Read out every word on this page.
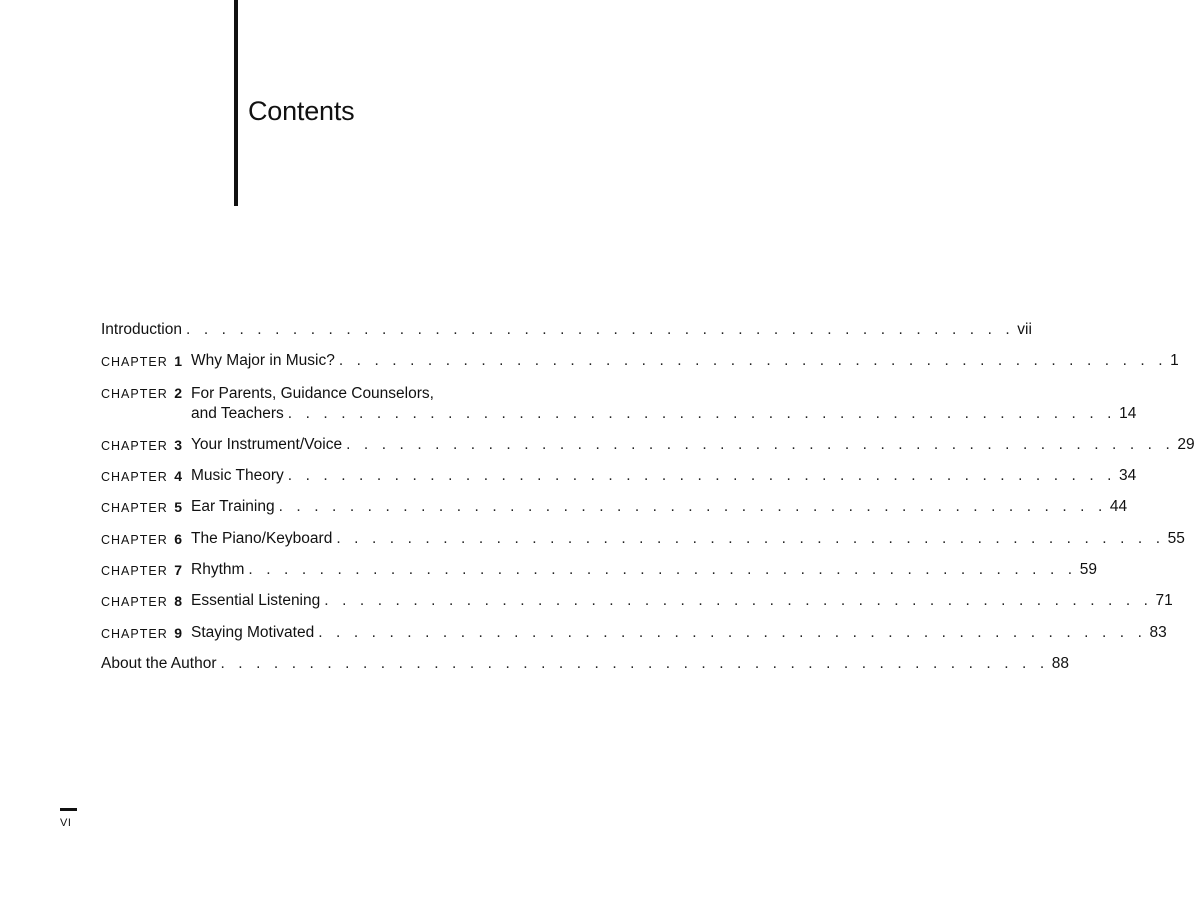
Contents
Introduction . . . . . . . . . . . . . . . . . . . . . . . . . . . . . . . . . . . . . . . . . . . . . . . vii
CHAPTER 1 Why Major in Music? . . . . . . . . . . . . . . . . . . . . . . . . . . . . . . . . . . . . . . . . . . . . . . . 1
CHAPTER 2 For Parents, Guidance Counselors,
and Teachers . . . . . . . . . . . . . . . . . . . . . . . . . . . . . . . . . . . . . . . . . . . . . . . 14
CHAPTER 3 Your Instrument/Voice . . . . . . . . . . . . . . . . . . . . . . . . . . . . . . . . . . . . . . . . . . . . . . . 29
CHAPTER 4 Music Theory . . . . . . . . . . . . . . . . . . . . . . . . . . . . . . . . . . . . . . . . . . . . . . . 34
CHAPTER 5 Ear Training . . . . . . . . . . . . . . . . . . . . . . . . . . . . . . . . . . . . . . . . . . . . . . . 44
CHAPTER 6 The Piano/Keyboard . . . . . . . . . . . . . . . . . . . . . . . . . . . . . . . . . . . . . . . . . . . . . . . 55
CHAPTER 7 Rhythm . . . . . . . . . . . . . . . . . . . . . . . . . . . . . . . . . . . . . . . . . . . . . . . 59
CHAPTER 8 Essential Listening . . . . . . . . . . . . . . . . . . . . . . . . . . . . . . . . . . . . . . . . . . . . . . . 71
CHAPTER 9 Staying Motivated . . . . . . . . . . . . . . . . . . . . . . . . . . . . . . . . . . . . . . . . . . . . . . . 83
About the Author . . . . . . . . . . . . . . . . . . . . . . . . . . . . . . . . . . . . . . . . . . . . . . . 88
VI
